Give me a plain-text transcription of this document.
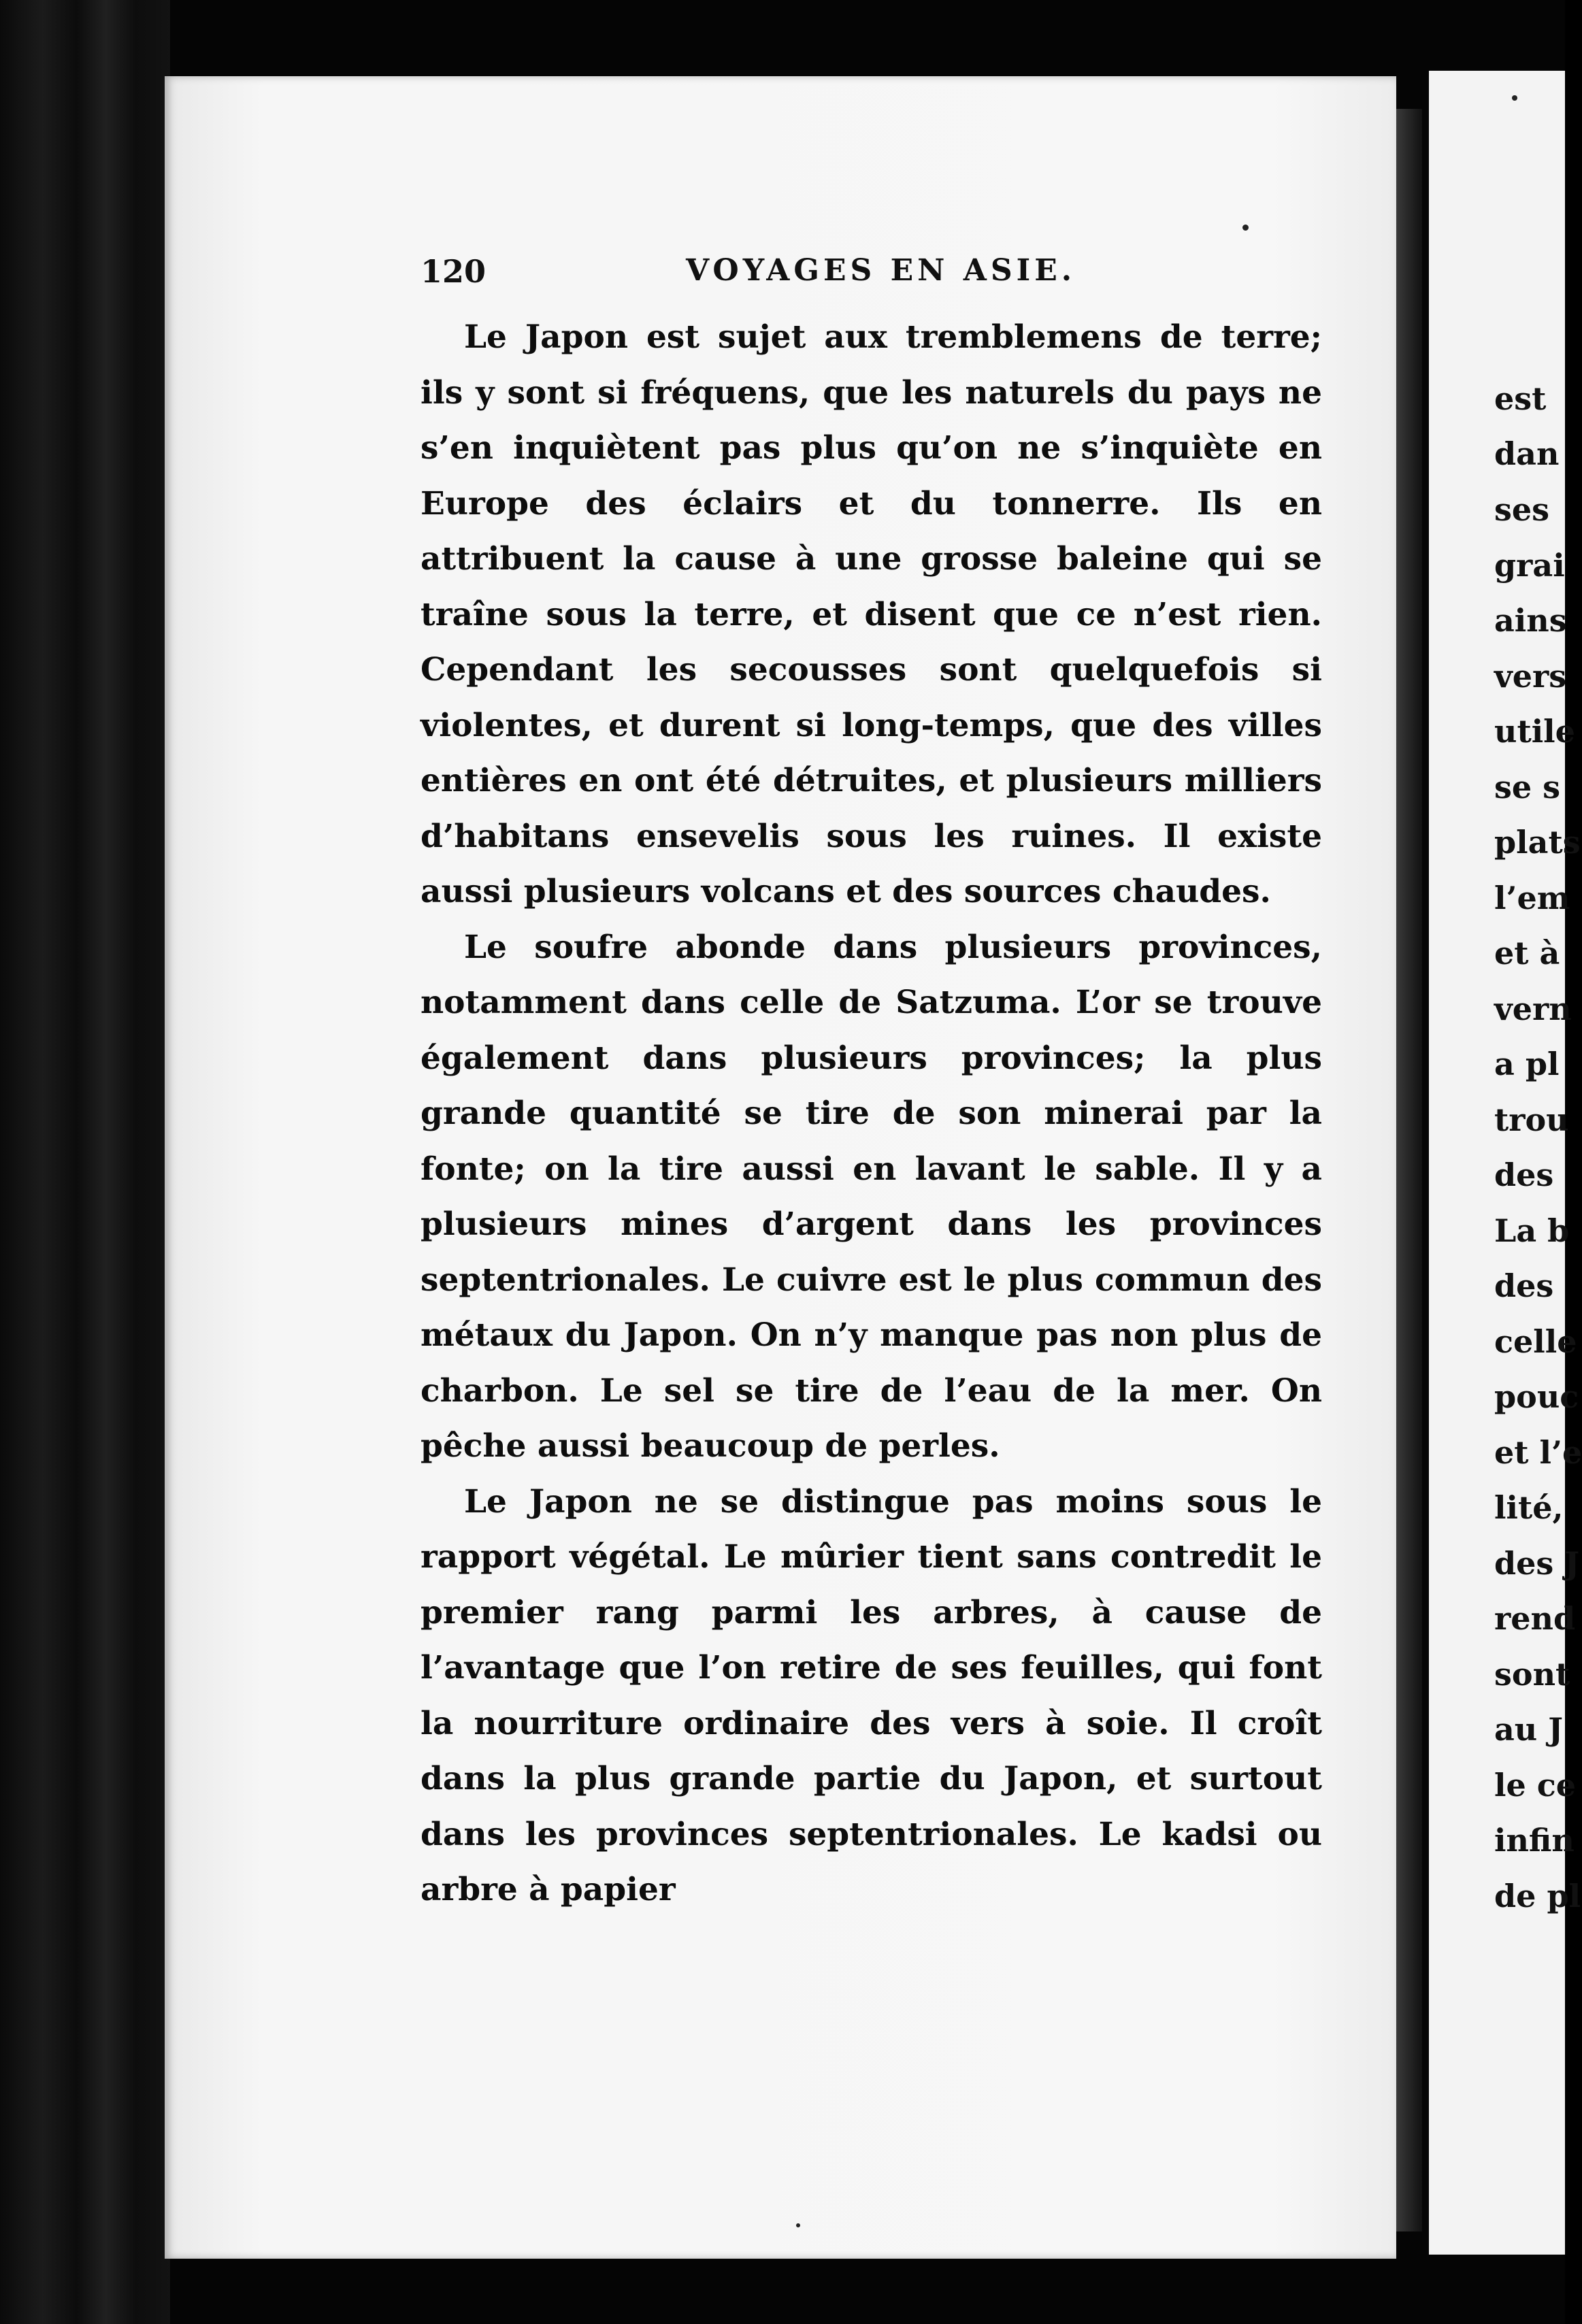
120	VOYAGES EN ASIE.

Le Japon est sujet aux tremblemens de terre; ils y sont si fréquens, que les naturels du pays ne s’en inquiètent pas plus qu’on ne s’inquiète en Europe des éclairs et du tonnerre. Ils en attribuent la cause à une grosse baleine qui se traîne sous la terre, et disent que ce n’est rien. Cependant les secousses sont quelquefois si violentes, et durent si long-temps, que des villes entières en ont été détruites, et plusieurs milliers d’habitans ensevelis sous les ruines. Il existe aussi plusieurs volcans et des sources chaudes.

Le soufre abonde dans plusieurs provinces, notamment dans celle de Satzuma. L’or se trouve également dans plusieurs provinces; la plus grande quantité se tire de son minerai par la fonte; on la tire aussi en lavant le sable. Il y a plusieurs mines d’argent dans les provinces septentrionales. Le cuivre est le plus commun des métaux du Japon. On n’y manque pas non plus de charbon. Le sel se tire de l’eau de la mer. On pêche aussi beaucoup de perles.

Le Japon ne se distingue pas moins sous le rapport végétal. Le mûrier tient sans contredit le premier rang parmi les arbres, à cause de l’avantage que l’on retire de ses feuilles, qui font la nourriture ordinaire des vers à soie. Il croît dans la plus grande partie du Japon, et surtout dans les provinces septentrionales. Le kadsi ou arbre à papier

est
dan
ses
grai
ains
vers
utile
se s
plats
l’em
et à
vern
a pl
trou
des
La b
des
celle
pouc
et l’e
lité,
des J
rend
sont
au J
le ce
infin
de pl
